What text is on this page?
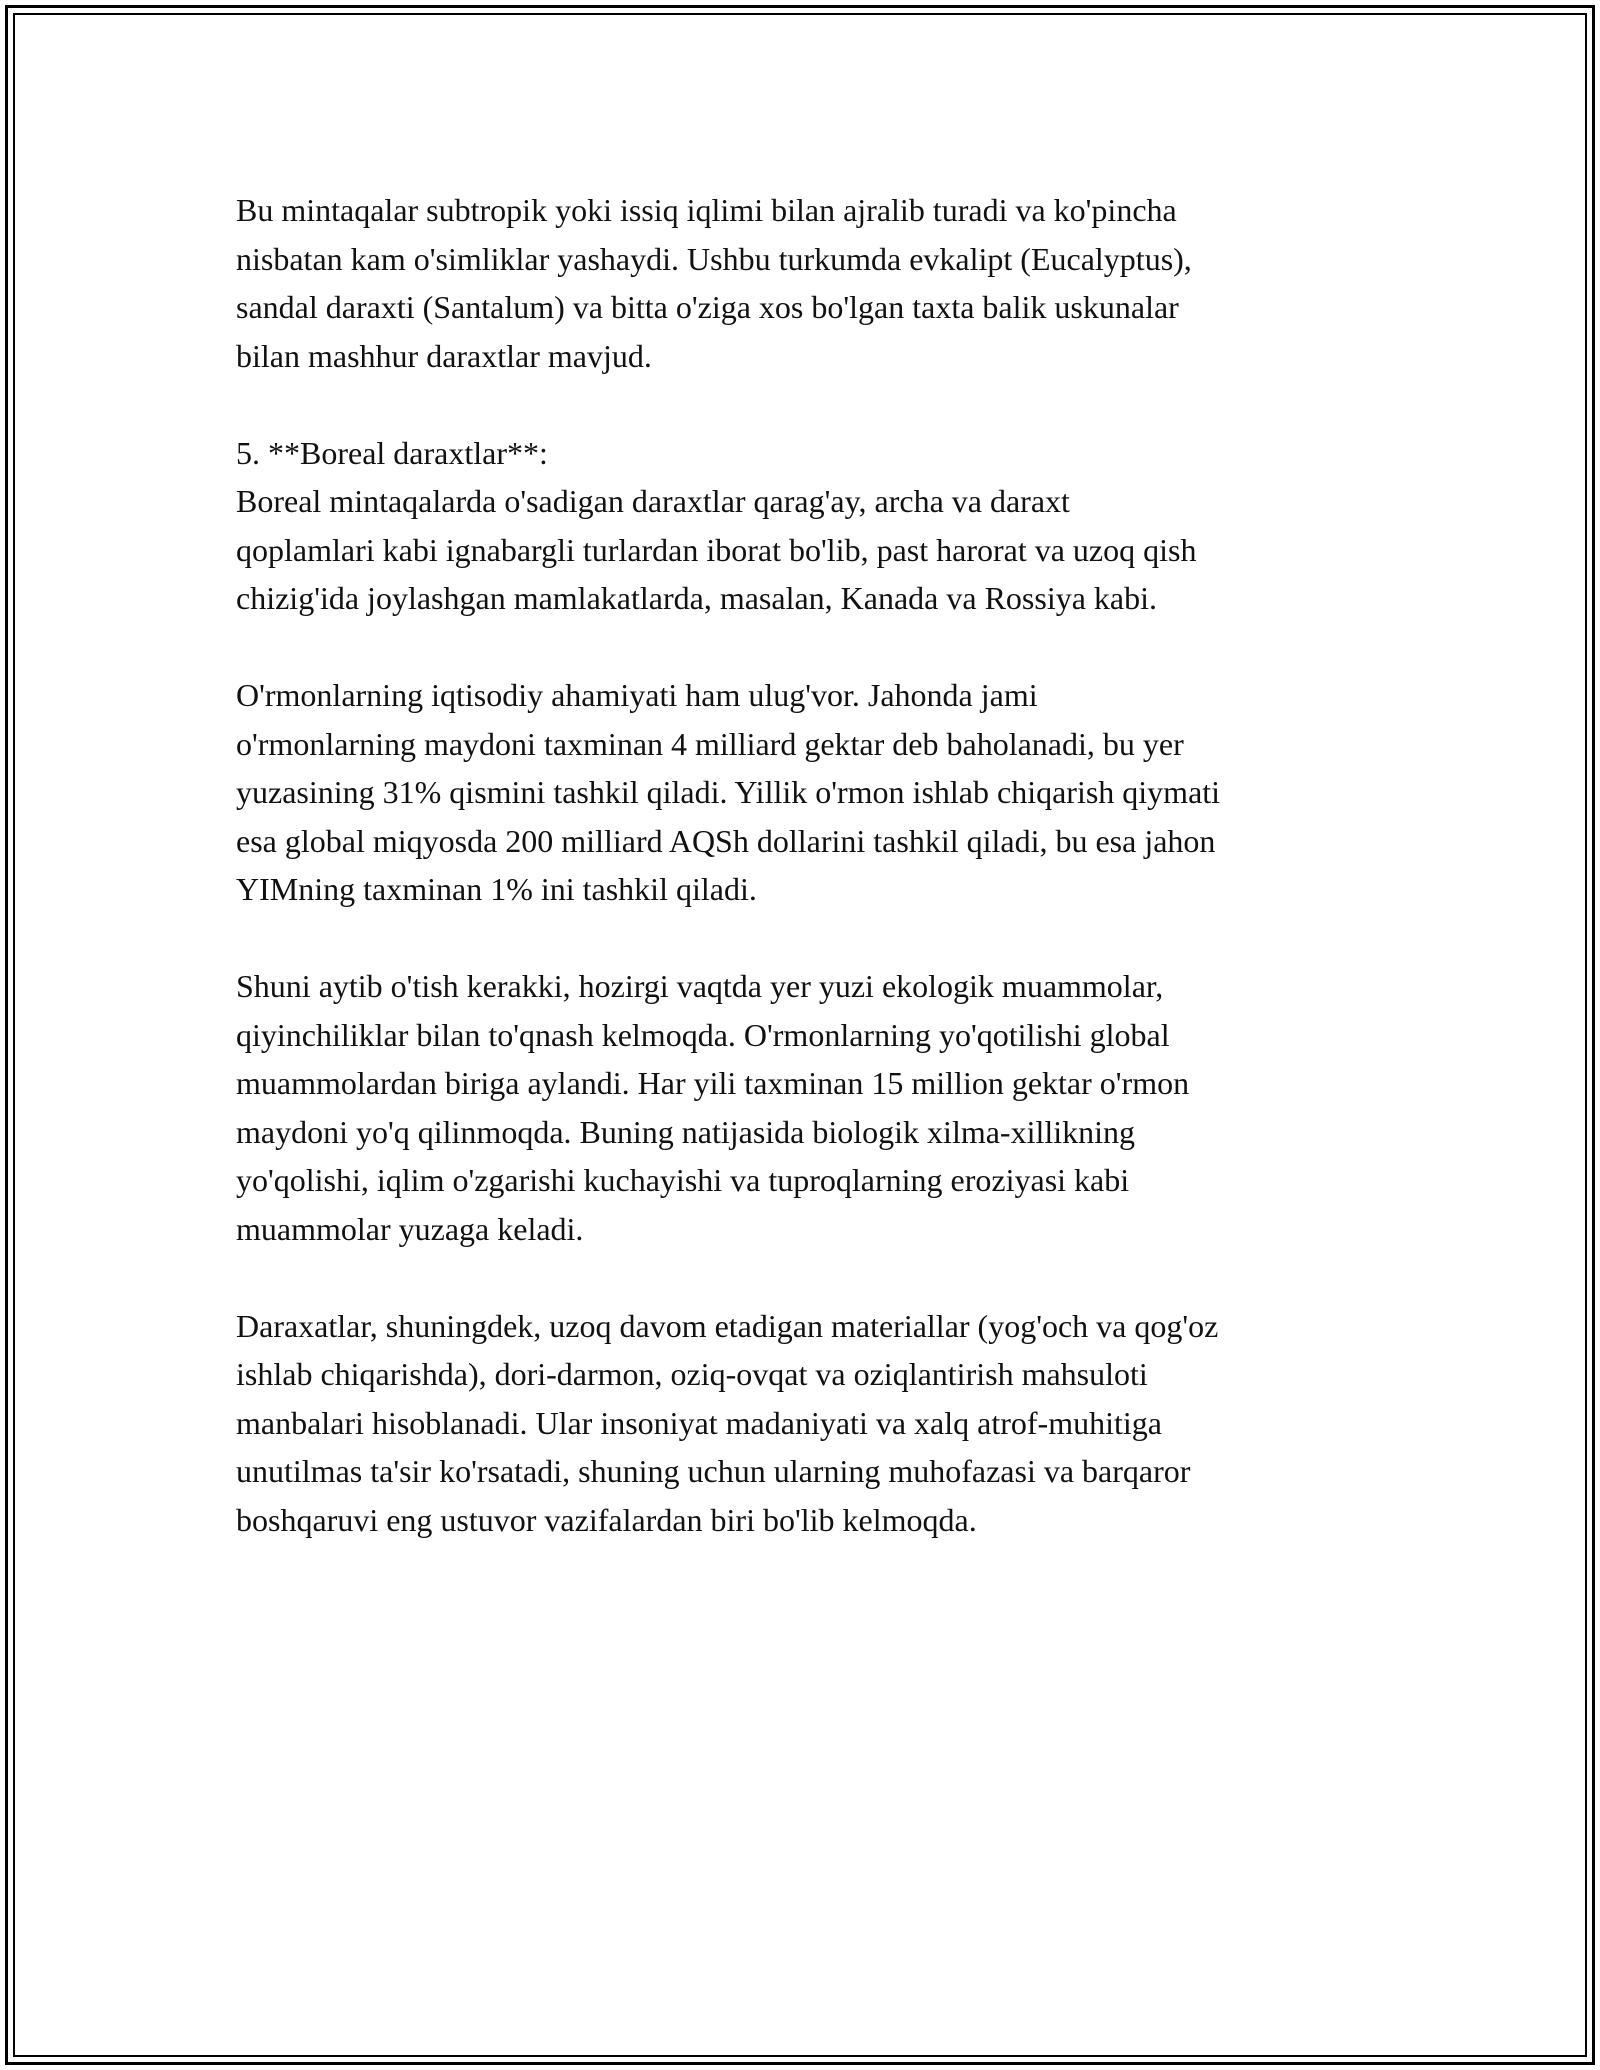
Bu mintaqalar subtropik yoki issiq iqlimi bilan ajralib turadi va ko'pincha
nisbatan kam o'simliklar yashaydi. Ushbu turkumda evkalipt (Eucalyptus),
sandal daraxti (Santalum) va bitta o'ziga xos bo'lgan taxta balik uskunalar
bilan mashhur daraxtlar mavjud.

5. **Boreal daraxtlar**:
Boreal mintaqalarda o'sadigan daraxtlar qarag'ay, archa va daraxt
qoplamlari kabi ignabargli turlardan iborat bo'lib, past harorat va uzoq qish
chizig'ida joylashgan mamlakatlarda, masalan, Kanada va Rossiya kabi.

O'rmonlarning iqtisodiy ahamiyati ham ulug'vor. Jahonda jami
o'rmonlarning maydoni taxminan 4 milliard gektar deb baholanadi, bu yer
yuzasining 31% qismini tashkil qiladi. Yillik o'rmon ishlab chiqarish qiymati
esa global miqyosda 200 milliard AQSh dollarini tashkil qiladi, bu esa jahon
YIMning taxminan 1% ini tashkil qiladi.

Shuni aytib o'tish kerakki, hozirgi vaqtda yer yuzi ekologik muammolar,
qiyinchiliklar bilan to'qnash kelmoqda. O'rmonlarning yo'qotilishi global
muammolardan biriga aylandi. Har yili taxminan 15 million gektar o'rmon
maydoni yo'q qilinmoqda. Buning natijasida biologik xilma-xillikning
yo'qolishi, iqlim o'zgarishi kuchayishi va tuproqlarning eroziyasi kabi
muammolar yuzaga keladi.

Daraxatlar, shuningdek, uzoq davom etadigan materiallar (yog'och va qog'oz
ishlab chiqarishda), dori-darmon, oziq-ovqat va oziqlantirish mahsuloti
manbalari hisoblanadi. Ular insoniyat madaniyati va xalq atrof-muhitiga
unutilmas ta'sir ko'rsatadi, shuning uchun ularning muhofazasi va barqaror
boshqaruvi eng ustuvor vazifalardan biri bo'lib kelmoqda.
